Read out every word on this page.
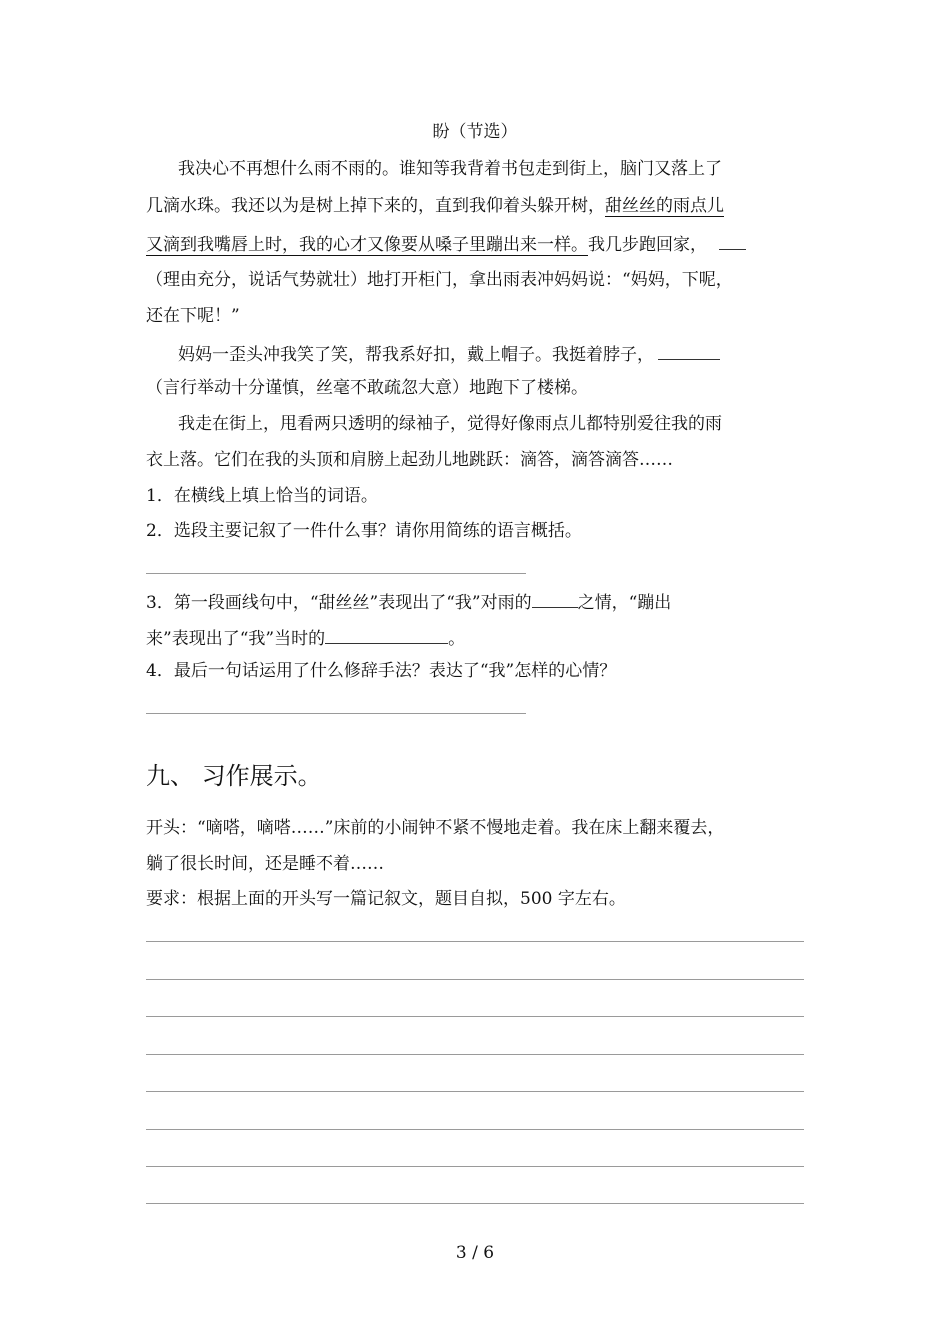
盼（节选）
我决心不再想什么雨不雨的。谁知等我背着书包走到街上，脑门又落上了
几滴水珠。我还以为是树上掉下来的，直到我仰着头躲开树，甜丝丝的雨点儿
又滴到我嘴唇上时，我的心才又像要从嗓子里蹦出来一样。我几步跑回家，
（理由充分，说话气势就壮）地打开柜门，拿出雨表冲妈妈说：“妈妈，下呢，
还在下呢！”
妈妈一歪头冲我笑了笑，帮我系好扣，戴上帽子。我挺着脖子，
（言行举动十分谨慎，丝毫不敢疏忽大意）地跑下了楼梯。
我走在街上，甩看两只透明的绿袖子，觉得好像雨点儿都特别爱往我的雨
衣上落。它们在我的头顶和肩膀上起劲儿地跳跃：滴答，滴答滴答……
1．在横线上填上恰当的词语。
2．选段主要记叙了一件什么事？请你用简练的语言概括。
3．第一段画线句中，“甜丝丝”表现出了“我”对雨的	之情，“蹦出
来”表现出了“我”当时的	。
4．最后一句话运用了什么修辞手法？表达了“我”怎样的心情？
九、 习作展示。
开头：“嘀嗒，嘀嗒……”床前的小闹钟不紧不慢地走着。我在床上翻来覆去，
躺了很长时间，还是睡不着……
要求：根据上面的开头写一篇记叙文，题目自拟，500 字左右。
3 / 6
